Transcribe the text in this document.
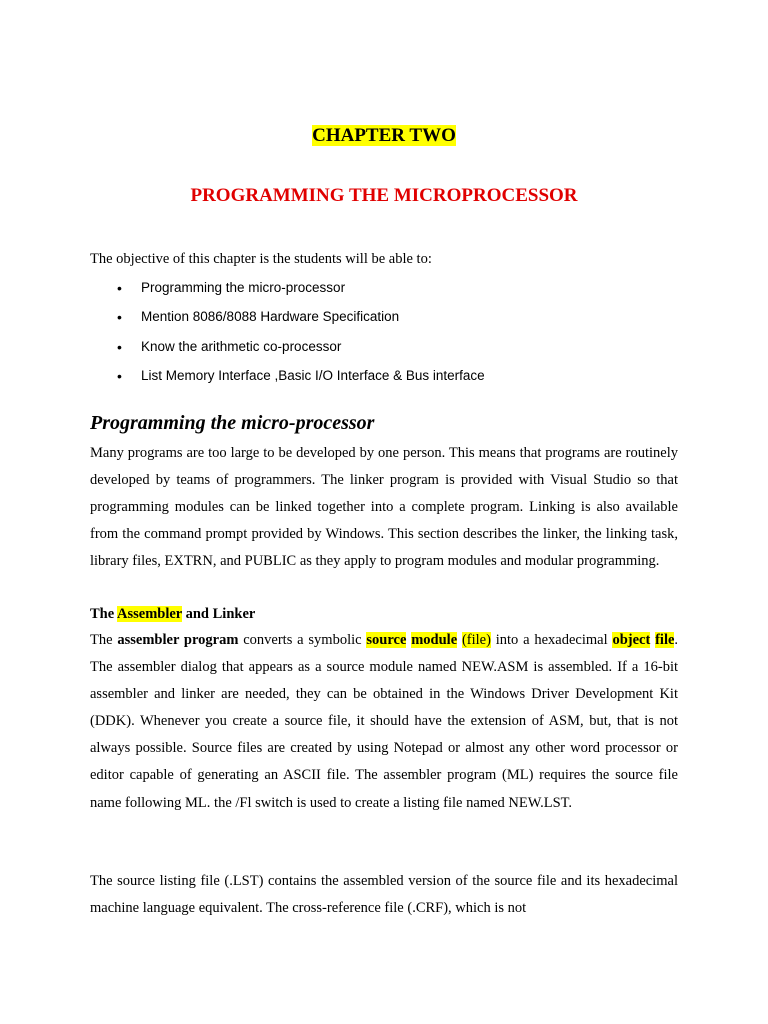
CHAPTER TWO
PROGRAMMING THE MICROPROCESSOR
The objective of this chapter is the students will be able to:
• Programming the micro-processor
• Mention 8086/8088 Hardware Specification
• Know the arithmetic co-processor
• List Memory Interface ,Basic I/O Interface & Bus interface
Programming the micro-processor
Many programs are too large to be developed by one person. This means that programs are routinely developed by teams of programmers. The linker program is provided with Visual Studio so that programming modules can be linked together into a complete program. Linking is also available from the command prompt provided by Windows. This section describes the linker, the linking task, library files, EXTRN, and PUBLIC as they apply to program modules and modular programming.
The Assembler and Linker
The assembler program converts a symbolic source module (file) into a hexadecimal object file. The assembler dialog that appears as a source module named NEW.ASM is assembled. If a 16-bit assembler and linker are needed, they can be obtained in the Windows Driver Development Kit (DDK). Whenever you create a source file, it should have the extension of ASM, but, that is not always possible. Source files are created by using Notepad or almost any other word processor or editor capable of generating an ASCII file. The assembler program (ML) requires the source file name following ML. the /Fl switch is used to create a listing file named NEW.LST.
The source listing file (.LST) contains the assembled version of the source file and its hexadecimal machine language equivalent. The cross-reference file (.CRF), which is not
